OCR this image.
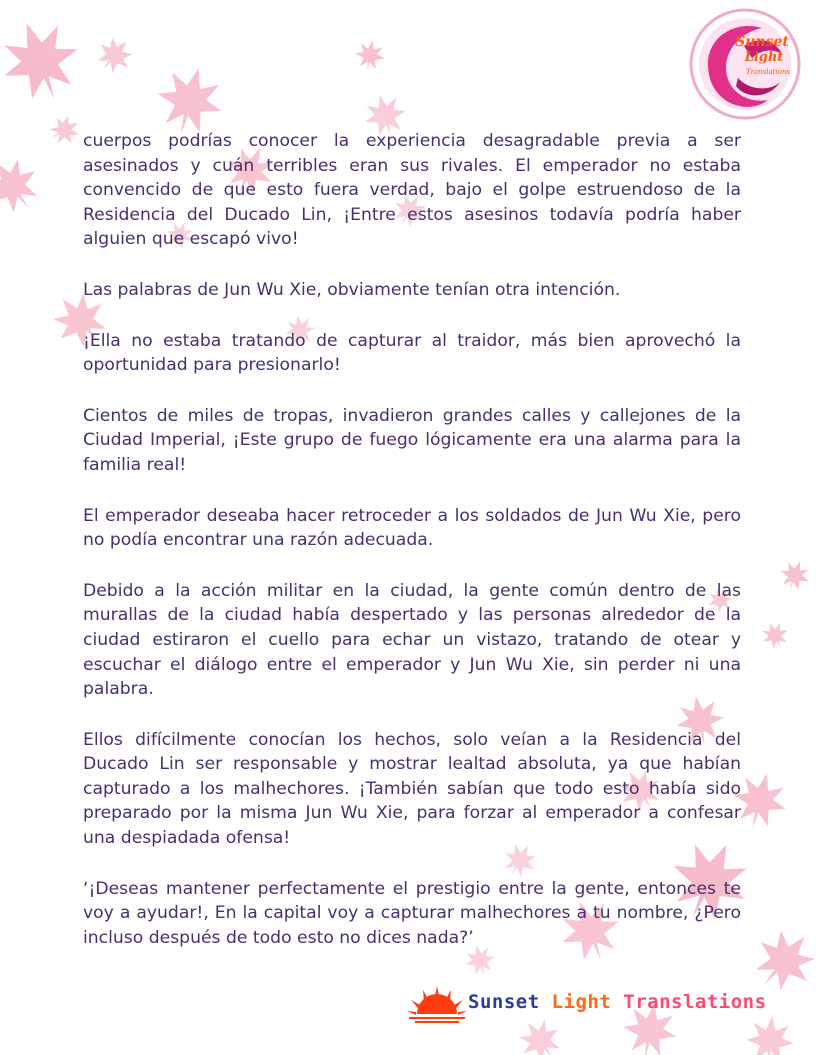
Sunset
Light
Translations

cuerpos podrías conocer la experiencia desagradable previa a ser asesinados y cuán terribles eran sus rivales. El emperador no estaba convencido de que esto fuera verdad, bajo el golpe estruendoso de la Residencia del Ducado Lin, ¡Entre estos asesinos todavía podría haber alguien que escapó vivo!

Las palabras de Jun Wu Xie, obviamente tenían otra intención.

¡Ella no estaba tratando de capturar al traidor, más bien aprovechó la oportunidad para presionarlo!

Cientos de miles de tropas, invadieron grandes calles y callejones de la Ciudad Imperial, ¡Este grupo de fuego lógicamente era una alarma para la familia real!

El emperador deseaba hacer retroceder a los soldados de Jun Wu Xie, pero no podía encontrar una razón adecuada.

Debido a la acción militar en la ciudad, la gente común dentro de las murallas de la ciudad había despertado y las personas alrededor de la ciudad estiraron el cuello para echar un vistazo, tratando de otear y escuchar el diálogo entre el emperador y Jun Wu Xie, sin perder ni una palabra.

Ellos difícilmente conocían los hechos, solo veían a la Residencia del Ducado Lin ser responsable y mostrar lealtad absoluta, ya que habían capturado a los malhechores. ¡También sabían que todo esto había sido preparado por la misma Jun Wu Xie, para forzar al emperador a confesar una despiadada ofensa!

‘¡Deseas mantener perfectamente el prestigio entre la gente, entonces te voy a ayudar!, En la capital voy a capturar malhechores a tu nombre, ¿Pero incluso después de todo esto no dices nada?’

Sunset Light Translations
